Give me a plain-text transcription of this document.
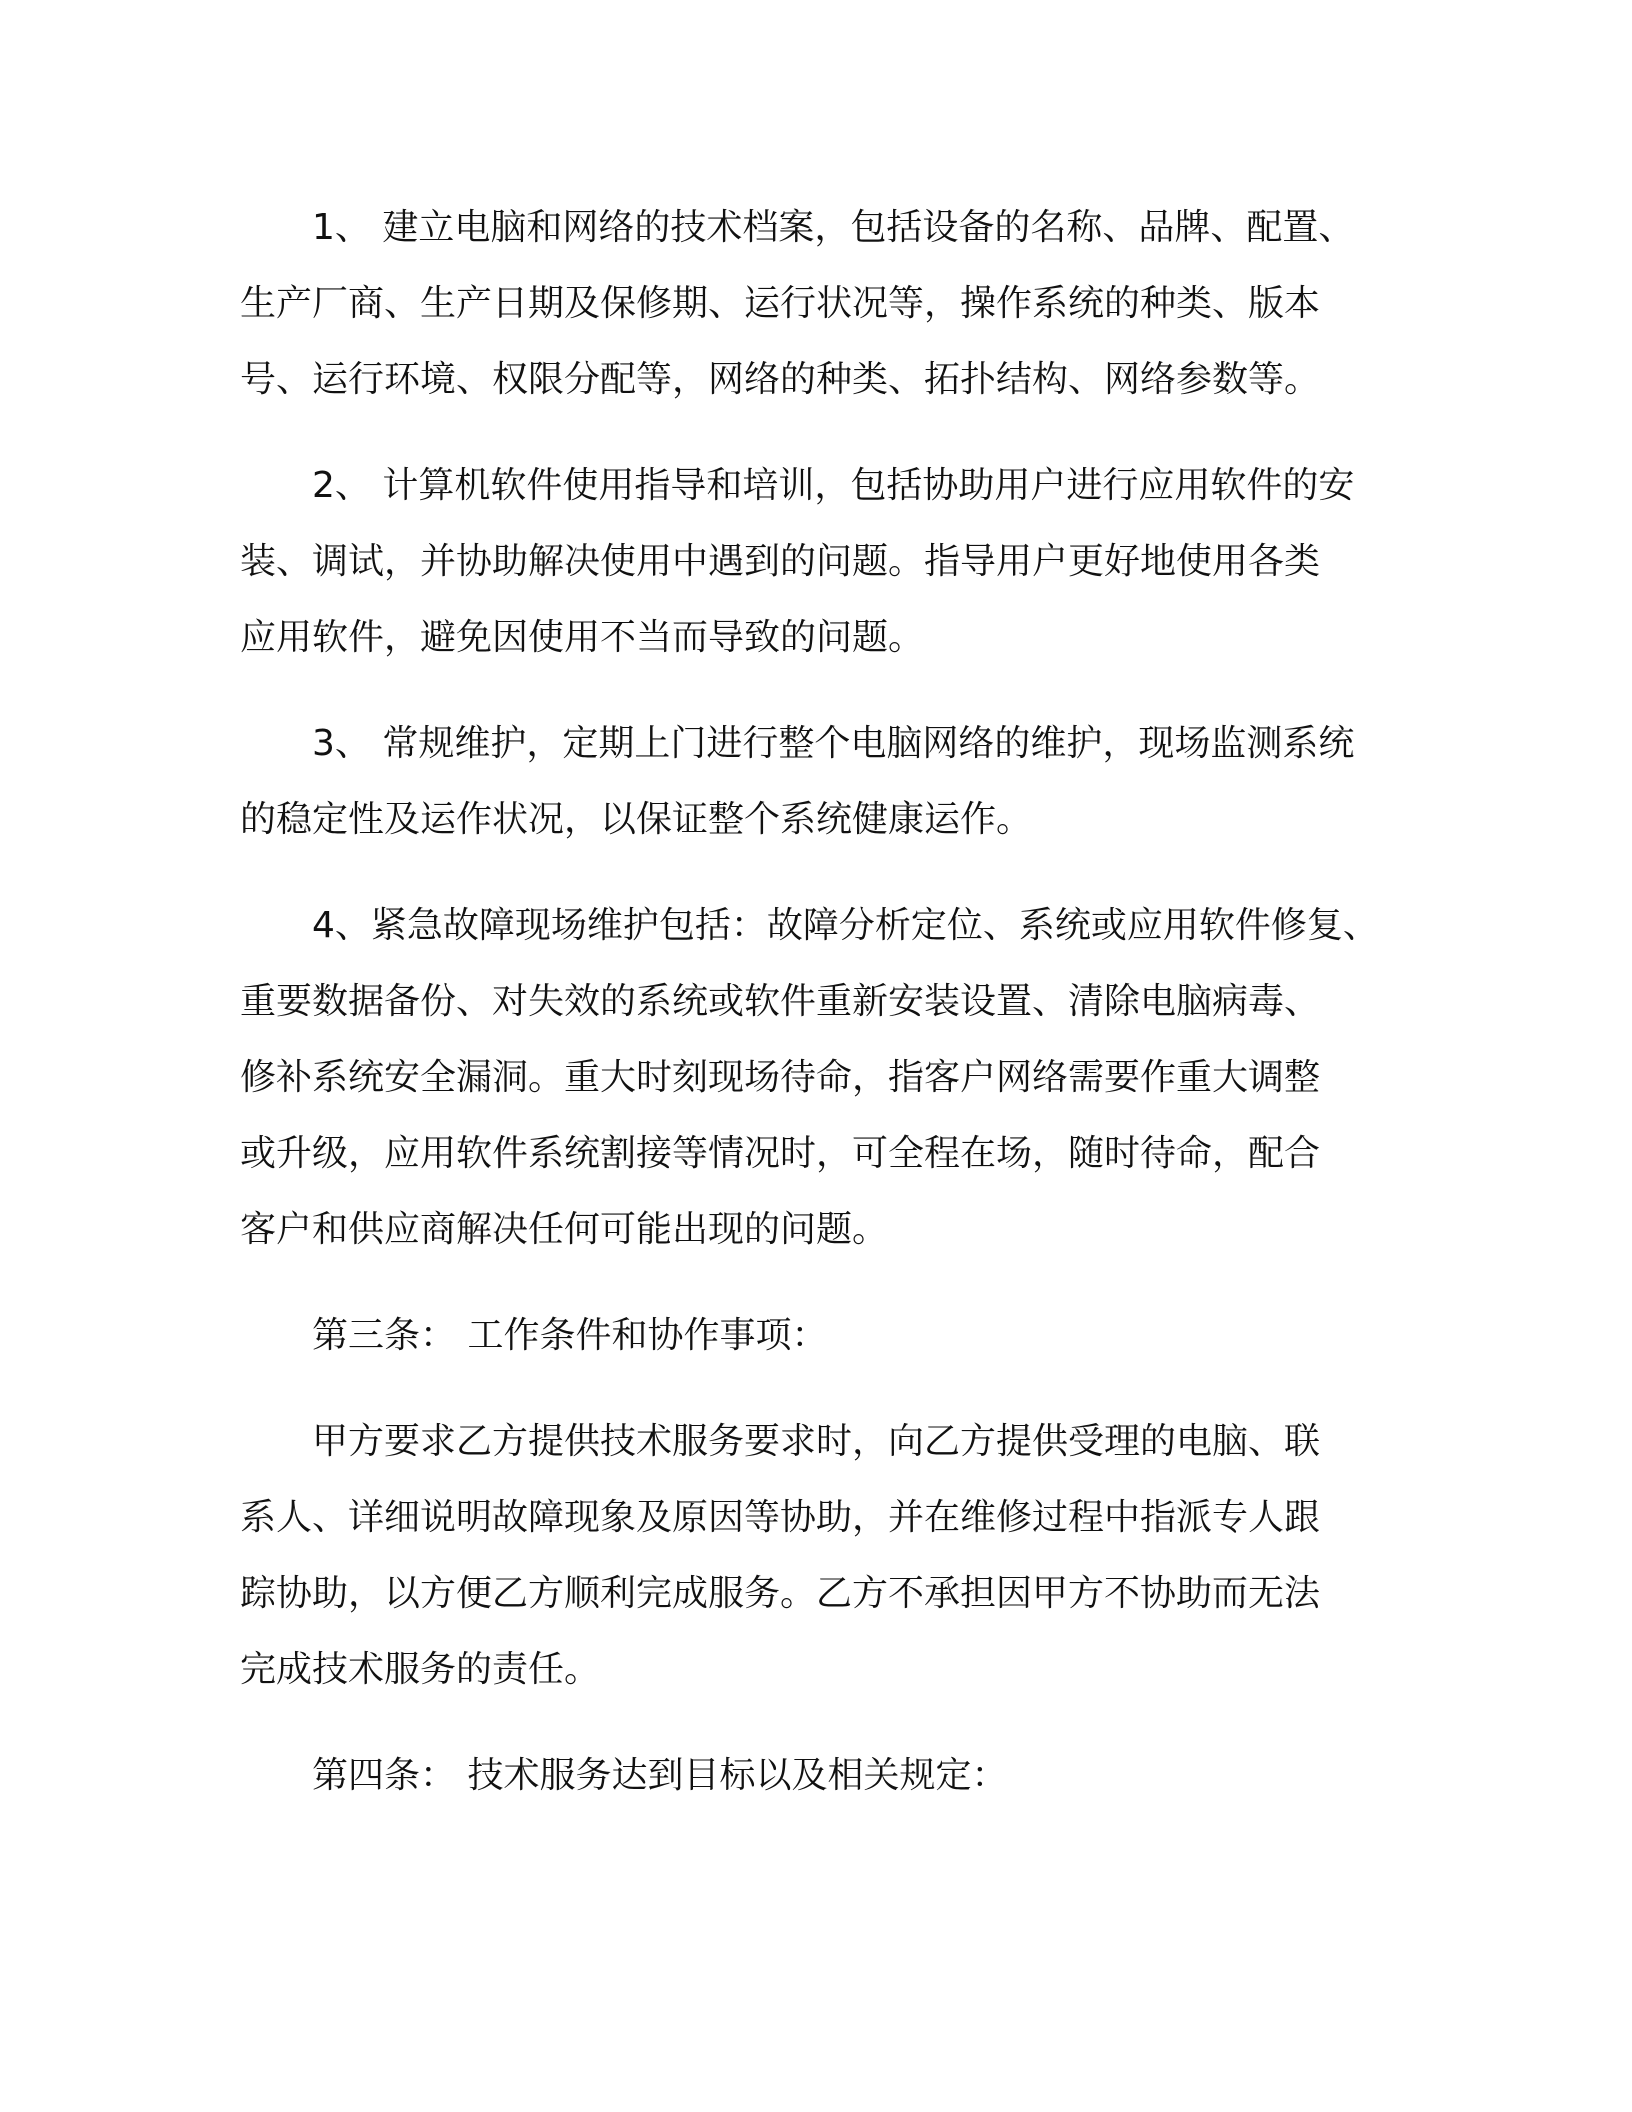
1、 建立电脑和网络的技术档案，包括设备的名称、品牌、配置、
生产厂商、生产日期及保修期、运行状况等，操作系统的种类、版本
号、运行环境、权限分配等，网络的种类、拓扑结构、网络参数等。
2、 计算机软件使用指导和培训，包括协助用户进行应用软件的安
装、调试，并协助解决使用中遇到的问题。指导用户更好地使用各类
应用软件，避免因使用不当而导致的问题。
3、 常规维护，定期上门进行整个电脑网络的维护，现场监测系统
的稳定性及运作状况，以保证整个系统健康运作。
4、紧急故障现场维护包括：故障分析定位、系统或应用软件修复、
重要数据备份、对失效的系统或软件重新安装设置、清除电脑病毒、
修补系统安全漏洞。重大时刻现场待命，指客户网络需要作重大调整
或升级，应用软件系统割接等情况时，可全程在场，随时待命，配合
客户和供应商解决任何可能出现的问题。
第三条： 工作条件和协作事项：
甲方要求乙方提供技术服务要求时，向乙方提供受理的电脑、联
系人、详细说明故障现象及原因等协助，并在维修过程中指派专人跟
踪协助，以方便乙方顺利完成服务。乙方不承担因甲方不协助而无法
完成技术服务的责任。
第四条： 技术服务达到目标以及相关规定：
